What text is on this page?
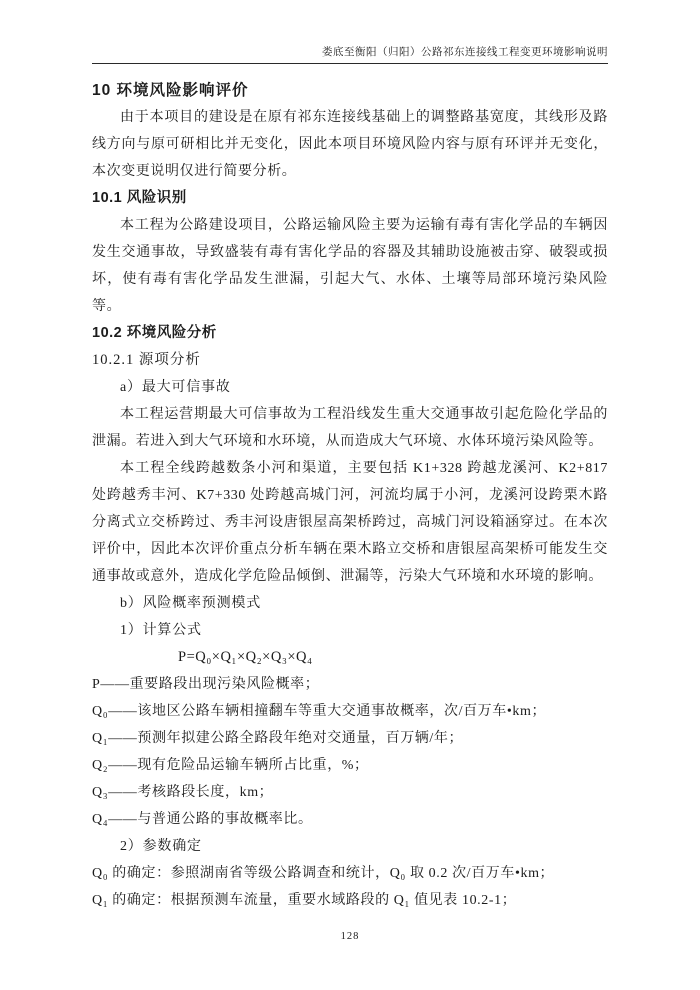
娄底至衡阳（归阳）公路祁东连接线工程变更环境影响说明
10 环境风险影响评价

由于本项目的建设是在原有祁东连接线基础上的调整路基宽度，其线形及路线方向与原可研相比并无变化，因此本项目环境风险内容与原有环评并无变化，本次变更说明仅进行简要分析。

10.1 风险识别

本工程为公路建设项目，公路运输风险主要为运输有毒有害化学品的车辆因发生交通事故，导致盛装有毒有害化学品的容器及其辅助设施被击穿、破裂或损坏，使有毒有害化学品发生泄漏，引起大气、水体、土壤等局部环境污染风险等。

10.2 环境风险分析
10.2.1 源项分析
a）最大可信事故

本工程运营期最大可信事故为工程沿线发生重大交通事故引起危险化学品的泄漏。若进入到大气环境和水环境，从而造成大气环境、水体环境污染风险等。

本工程全线跨越数条小河和渠道，主要包括 K1+328 跨越龙溪河、K2+817 处跨越秀丰河、K7+330 处跨越高城门河，河流均属于小河，龙溪河设跨栗木路分离式立交桥跨过、秀丰河设唐银屋高架桥跨过，高城门河设箱涵穿过。在本次评价中，因此本次评价重点分析车辆在栗木路立交桥和唐银屋高架桥可能发生交通事故或意外，造成化学危险品倾倒、泄漏等，污染大气环境和水环境的影响。

b）风险概率预测模式
1）计算公式
P=Q₀×Q₁×Q₂×Q₃×Q₄
P——重要路段出现污染风险概率；
Q₀——该地区公路车辆相撞翻车等重大交通事故概率，次/百万车•km；
Q₁——预测年拟建公路全路段年绝对交通量，百万辆/年；
Q₂——现有危险品运输车辆所占比重，%；
Q₃——考核路段长度，km；
Q₄——与普通公路的事故概率比。
2）参数确定
Q₀ 的确定：参照湖南省等级公路调查和统计，Q₀ 取 0.2 次/百万车•km；
Q₁ 的确定：根据预测车流量，重要水域路段的 Q₁ 值见表 10.2-1；
128
